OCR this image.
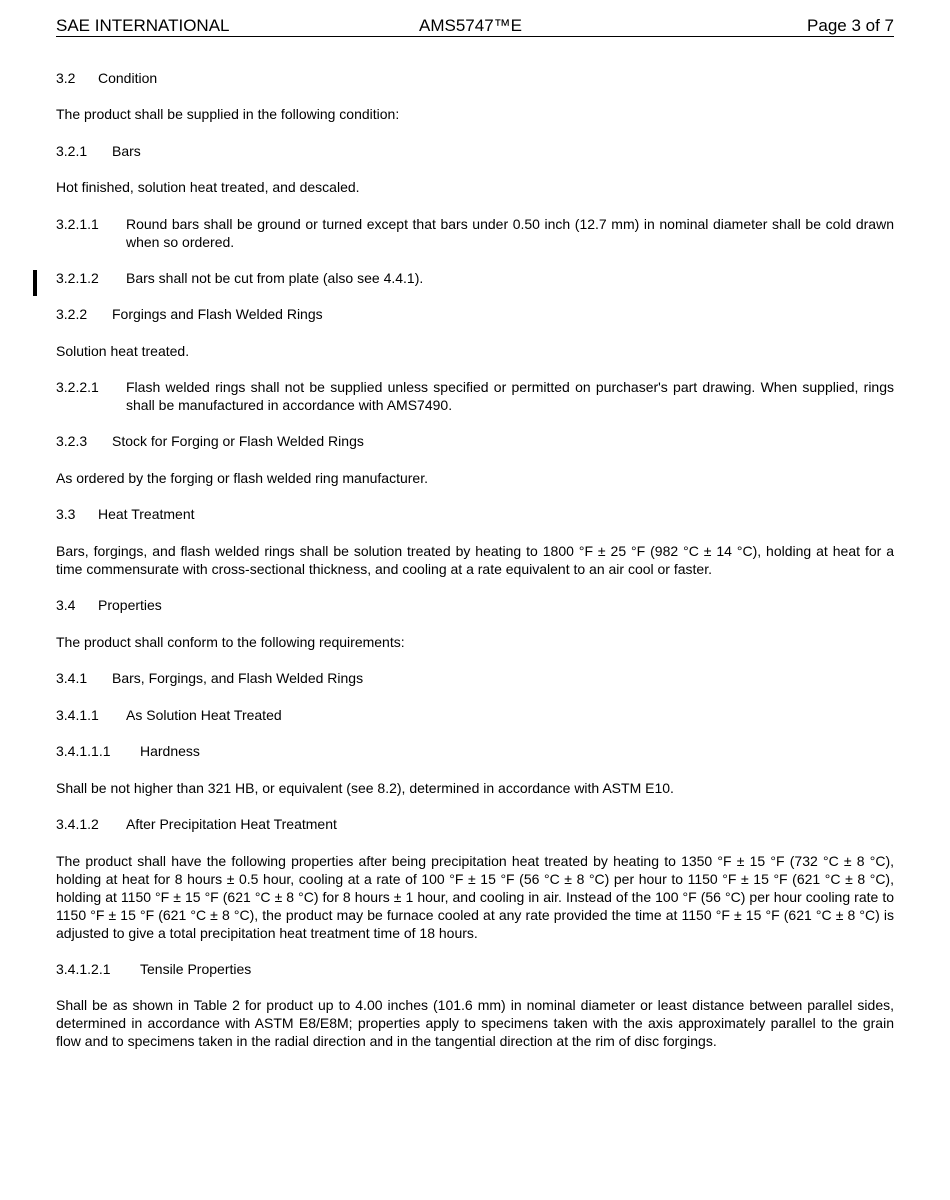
SAE INTERNATIONAL	AMS5747™E	Page 3 of 7
3.2 Condition

The product shall be supplied in the following condition:

3.2.1 Bars

Hot finished, solution heat treated, and descaled.

3.2.1.1 Round bars shall be ground or turned except that bars under 0.50 inch (12.7 mm) in nominal diameter shall be cold drawn when so ordered.
3.2.1.2 Bars shall not be cut from plate (also see 4.4.1).
3.2.2 Forgings and Flash Welded Rings

Solution heat treated.

3.2.2.1 Flash welded rings shall not be supplied unless specified or permitted on purchaser's part drawing. When supplied, rings shall be manufactured in accordance with AMS7490.
3.2.3 Stock for Forging or Flash Welded Rings

As ordered by the forging or flash welded ring manufacturer.

3.3 Heat Treatment

Bars, forgings, and flash welded rings shall be solution treated by heating to 1800 °F ± 25 °F (982 °C ± 14 °C), holding at heat for a time commensurate with cross-sectional thickness, and cooling at a rate equivalent to an air cool or faster.

3.4 Properties

The product shall conform to the following requirements:

3.4.1 Bars, Forgings, and Flash Welded Rings
3.4.1.1 As Solution Heat Treated
3.4.1.1.1 Hardness

Shall be not higher than 321 HB, or equivalent (see 8.2), determined in accordance with ASTM E10.

3.4.1.2 After Precipitation Heat Treatment

The product shall have the following properties after being precipitation heat treated by heating to 1350 °F ± 15 °F (732 °C ± 8 °C), holding at heat for 8 hours ± 0.5 hour, cooling at a rate of 100 °F ± 15 °F (56 °C ± 8 °C) per hour to 1150 °F ± 15 °F (621 °C ± 8 °C), holding at 1150 °F ± 15 °F (621 °C ± 8 °C) for 8 hours ± 1 hour, and cooling in air. Instead of the 100 °F (56 °C) per hour cooling rate to 1150 °F ± 15 °F (621 °C ± 8 °C), the product may be furnace cooled at any rate provided the time at 1150 °F ± 15 °F (621 °C ± 8 °C) is adjusted to give a total precipitation heat treatment time of 18 hours.

3.4.1.2.1 Tensile Properties

Shall be as shown in Table 2 for product up to 4.00 inches (101.6 mm) in nominal diameter or least distance between parallel sides, determined in accordance with ASTM E8/E8M; properties apply to specimens taken with the axis approximately parallel to the grain flow and to specimens taken in the radial direction and in the tangential direction at the rim of disc forgings.
